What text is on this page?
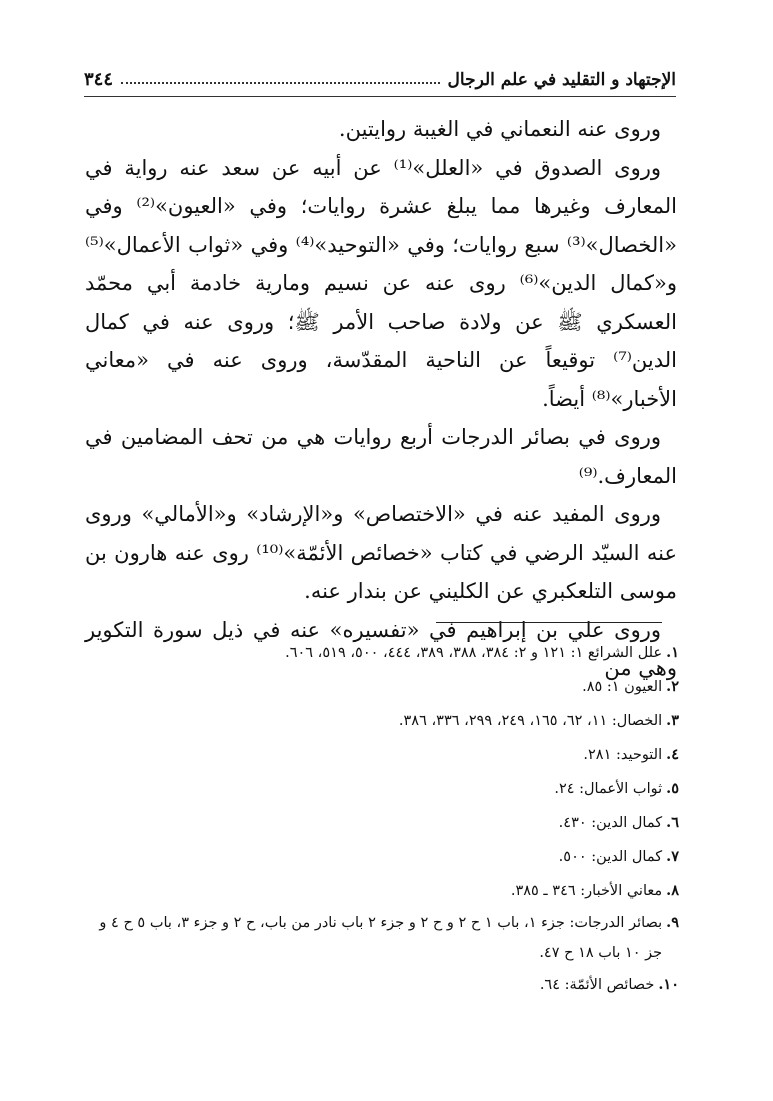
الإجتهاد و التقليد في علم الرجال
٣٤٤

وروى عنه النعماني في الغيبة روايتين.

وروى الصدوق في «العلل»⁽¹⁾ عن أبيه عن سعد عنه رواية في المعارف وغيرها مما يبلغ عشرة روايات؛ وفي «العيون»⁽²⁾ وفي «الخصال»⁽³⁾ سبع روايات؛ وفي «التوحيد»⁽⁴⁾ وفي «ثواب الأعمال»⁽⁵⁾ و«كمال الدين»⁽⁶⁾ روى عنه عن نسيم ومارية خادمة أبي محمّد العسكري ﷺ عن ولادة صاحب الأمر ﷺ؛ وروى عنه في كمال الدين⁽⁷⁾ توقيعاً عن الناحية المقدّسة، وروى عنه في «معاني الأخبار»⁽⁸⁾ أيضاً.

وروى في بصائر الدرجات أربع روايات هي من تحف المضامين في المعارف.⁽⁹⁾

وروى المفيد عنه في «الاختصاص» و«الإرشاد» و«الأمالي» وروى عنه السيّد الرضي في كتاب «خصائص الأئمّة»⁽¹⁰⁾ روى عنه هارون بن موسى التلعكبري عن الكليني عن بندار عنه.

وروى علي بن إبراهيم في «تفسيره» عنه في ذيل سورة التكوير وهي من

١.
علل الشرائع ١: ١٢١ و ٢: ٣٨٤، ٣٨٨، ٣٨٩، ٤٤٤، ٥٠٠، ٥١٩، ٦٠٦.
٢.
العيون ١: ٨٥.
٣.
الخصال: ١١، ٦٢، ١٦٥، ٢٤٩، ٢٩٩، ٣٣٦، ٣٨٦.
٤.
التوحيد: ٢٨١.
٥.
ثواب الأعمال: ٢٤.
٦.
كمال الدين: ٤٣٠.
٧.
كمال الدين: ٥٠٠.
٨.
معاني الأخبار: ٣٤٦ ـ ٣٨٥.
٩.
بصائر الدرجات: جزء ١، باب ١ ح ٢ و ح ٢ و جزء ٢ باب نادر من باب، ح ٢ و جزء ٣، باب ٥ ح ٤ و جز ١٠ باب ١٨ ح ٤٧.
١٠.
خصائص الأئمّة: ٦٤.
